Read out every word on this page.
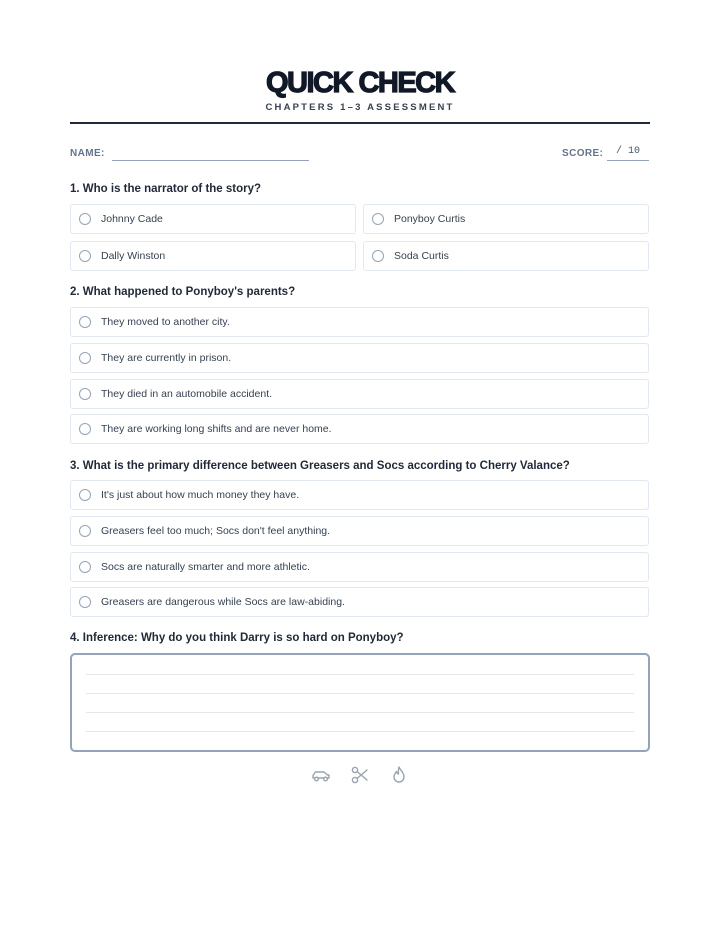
QUICK CHECK
CHAPTERS 1–3 ASSESSMENT
NAME:	SCORE:	/ 10
1. Who is the narrator of the story?
Johnny Cade	Ponyboy Curtis
Dally Winston	Soda Curtis
2. What happened to Ponyboy's parents?
They moved to another city.
They are currently in prison.
They died in an automobile accident.
They are working long shifts and are never home.
3. What is the primary difference between Greasers and Socs according to Cherry Valance?
It's just about how much money they have.
Greasers feel too much; Socs don't feel anything.
Socs are naturally smarter and more athletic.
Greasers are dangerous while Socs are law-abiding.
4. Inference: Why do you think Darry is so hard on Ponyboy?
